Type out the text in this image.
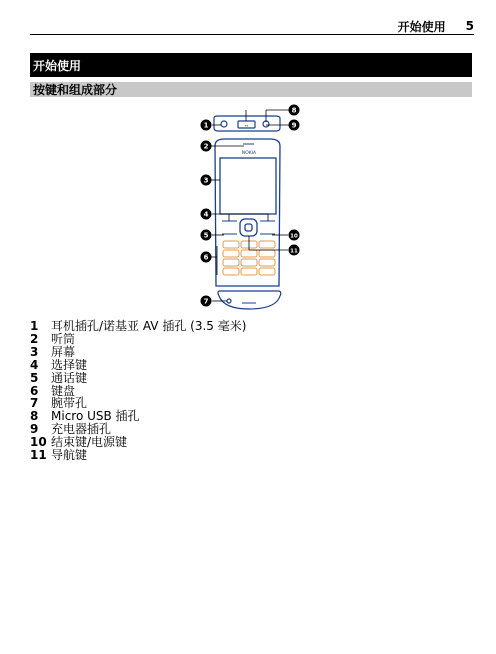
开始使用 5
开始使用
按键和组成部分
↔
NOKIA
1
8
9
2
3
4
5	10
6
11
7
1	耳机插孔/诺基亚 AV 插孔 (3.5 毫米)
2	听筒
3	屏幕
4	选择键
5	通话键
6	键盘
7	腕带孔
8	Micro USB 插孔
9	充电器插孔
10 结束键/电源键
11 导航键
